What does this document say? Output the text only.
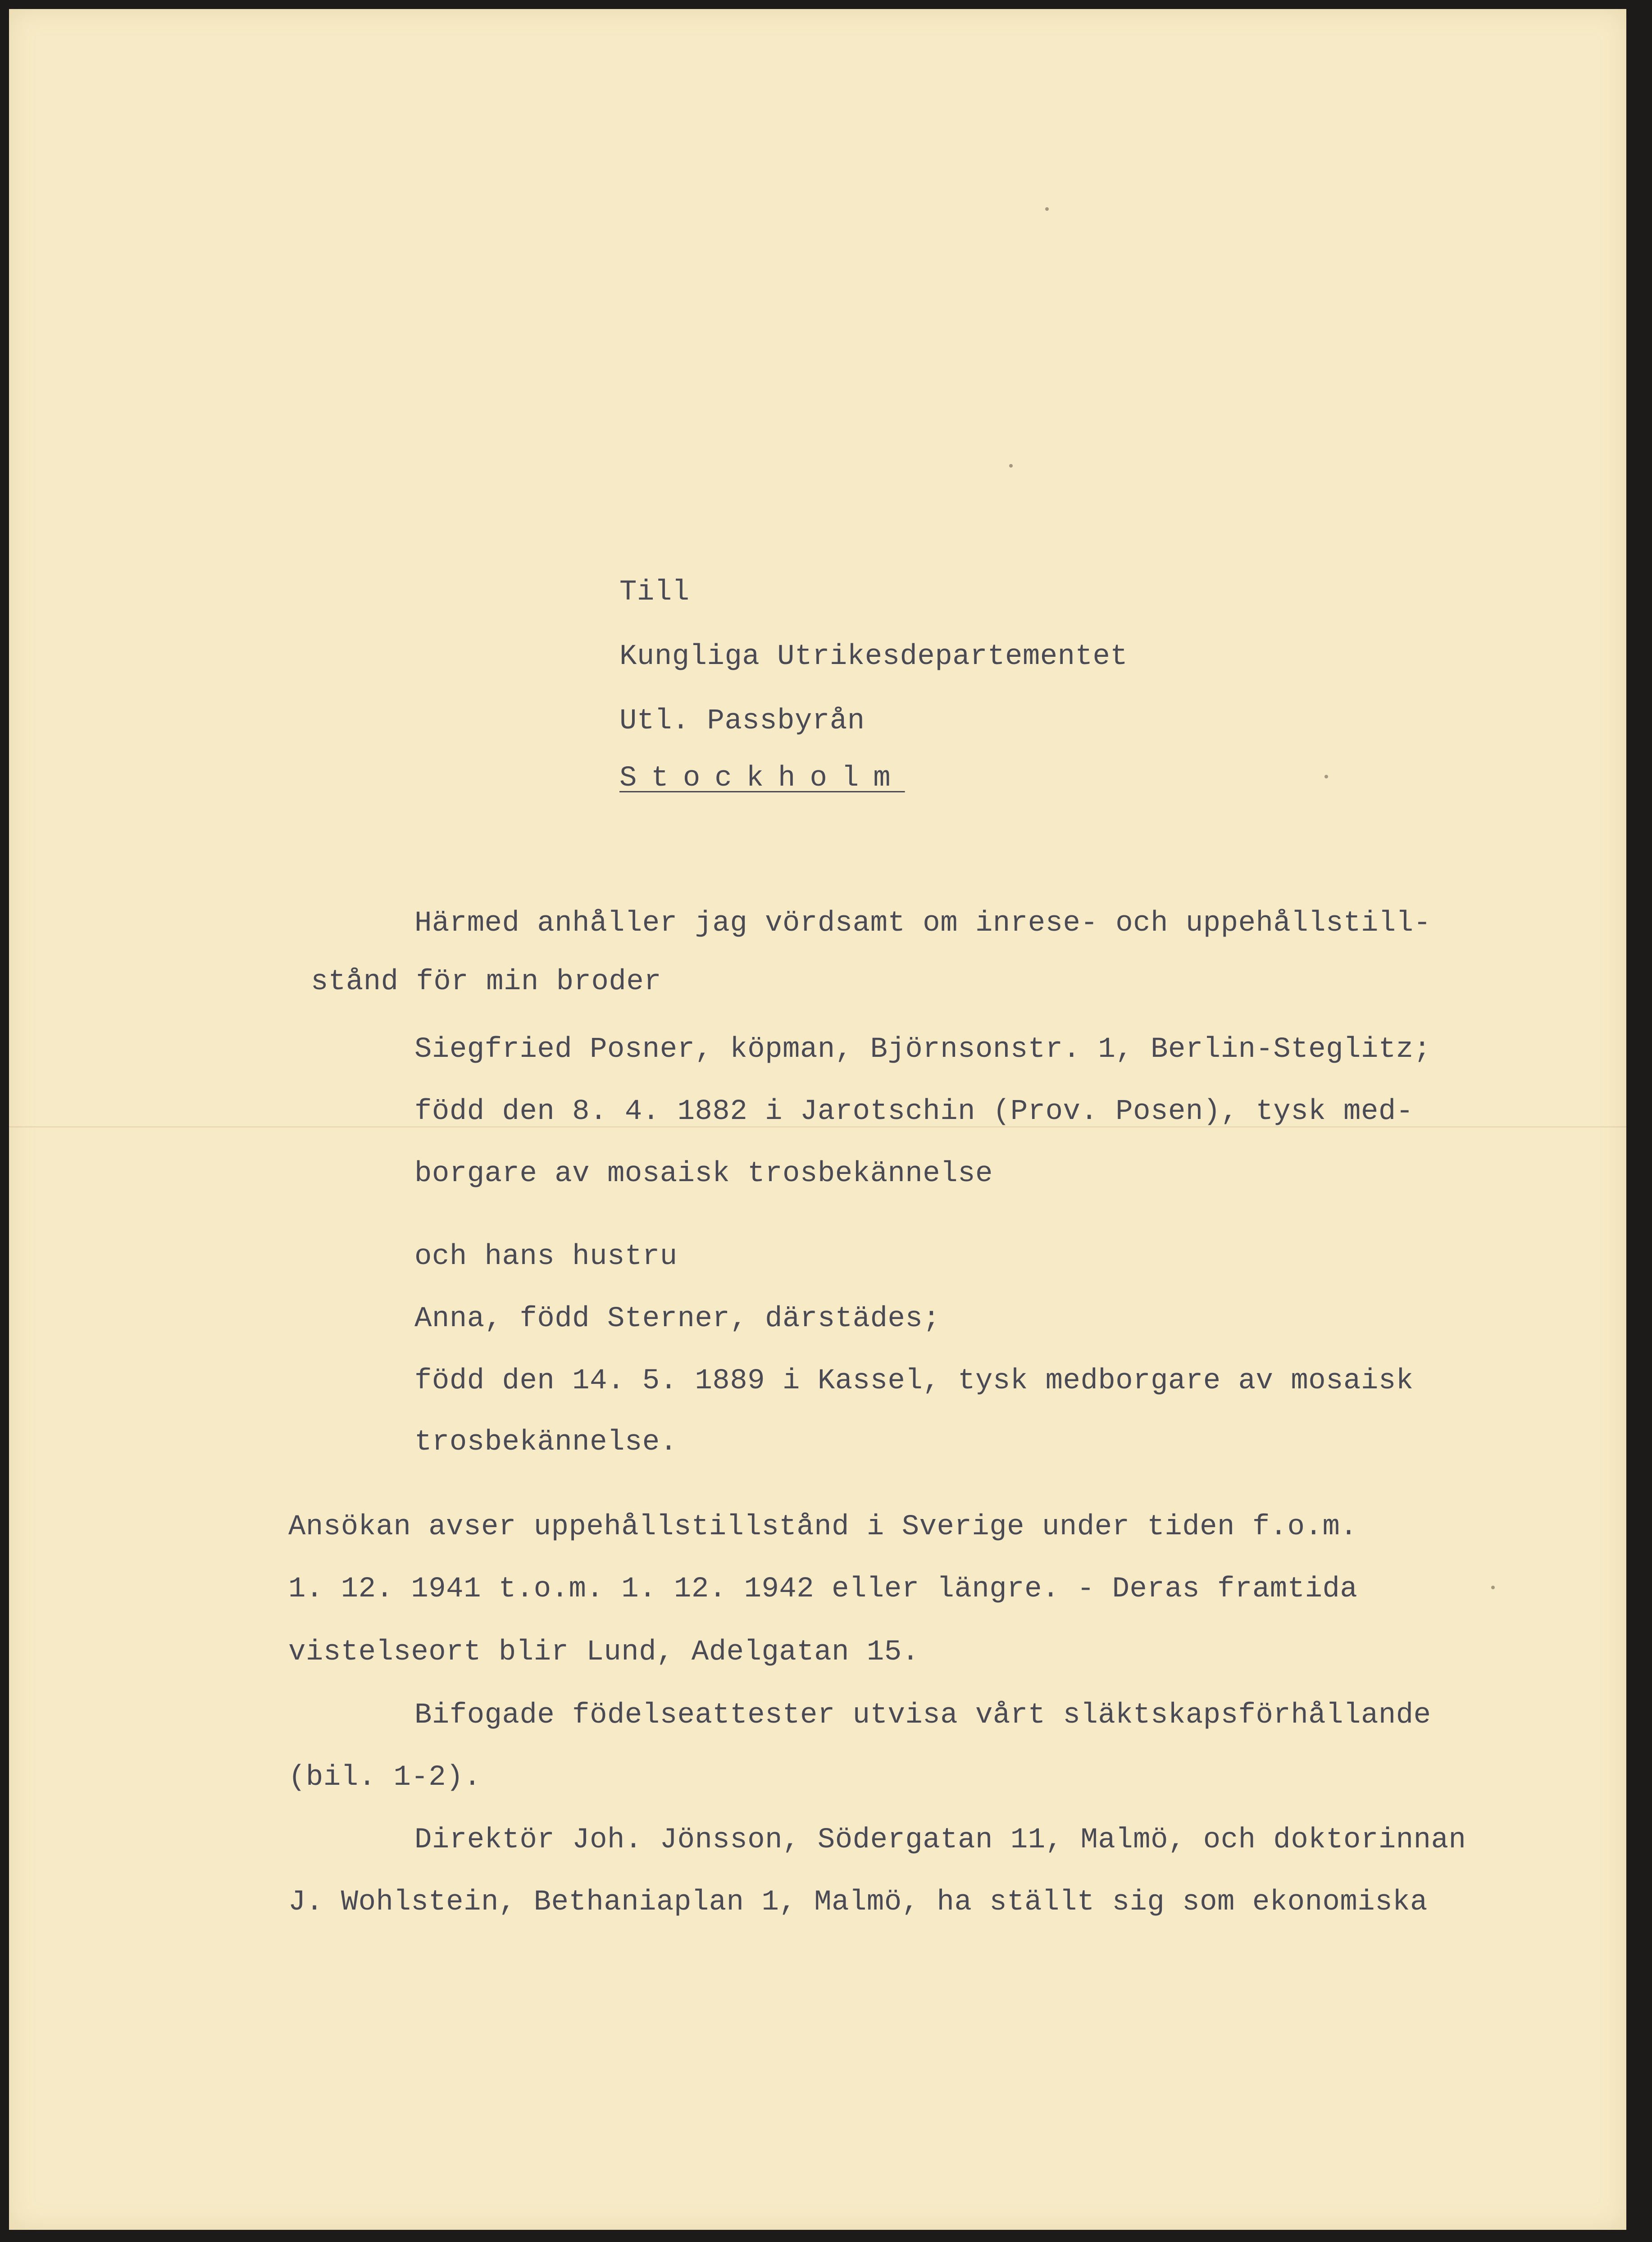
Till
Kungliga Utrikesdepartementet
Utl. Passbyrån
Stockholm
Härmed anhåller jag vördsamt om inrese- och uppehållstill-
stånd för min broder
Siegfried Posner, köpman, Björnsonstr. 1, Berlin-Steglitz;
född den 8. 4. 1882 i Jarotschin (Prov. Posen), tysk med-
borgare av mosaisk trosbekännelse
och hans hustru
Anna, född Sterner, därstädes;
född den 14. 5. 1889 i Kassel, tysk medborgare av mosaisk
trosbekännelse.
Ansökan avser uppehållstillstånd i Sverige under tiden f.o.m.
1. 12. 1941 t.o.m. 1. 12. 1942 eller längre. - Deras framtida
vistelseort blir Lund, Adelgatan 15.
Bifogade födelseattester utvisa vårt släktskapsförhållande
(bil. 1-2).
Direktör Joh. Jönsson, Södergatan 11, Malmö, och doktorinnan
J. Wohlstein, Bethaniaplan 1, Malmö, ha ställt sig som ekonomiska
